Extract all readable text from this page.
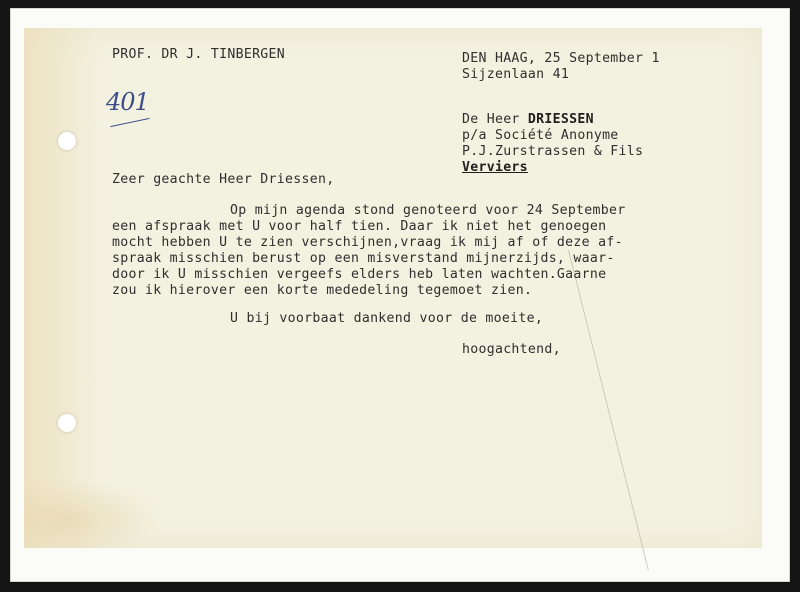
PROF. DR J. TINBERGEN	DEN HAAG, 25 September 1
Sijzenlaan 41
401
De Heer DRIESSEN
p/a Société Anonyme
P.J.Zurstrassen & Fils
Verviers
Zeer geachte Heer Driessen,
Op mijn agenda stond genoteerd voor 24 September
een afspraak met U voor half tien. Daar ik niet het genoegen
mocht hebben U te zien verschijnen,vraag ik mij af of deze af-
spraak misschien berust op een misverstand mijnerzijds, waar-
door ik U misschien vergeefs elders heb laten wachten.Gaarne
zou ik hierover een korte mededeling tegemoet zien.
U bij voorbaat dankend voor de moeite,
hoogachtend,
